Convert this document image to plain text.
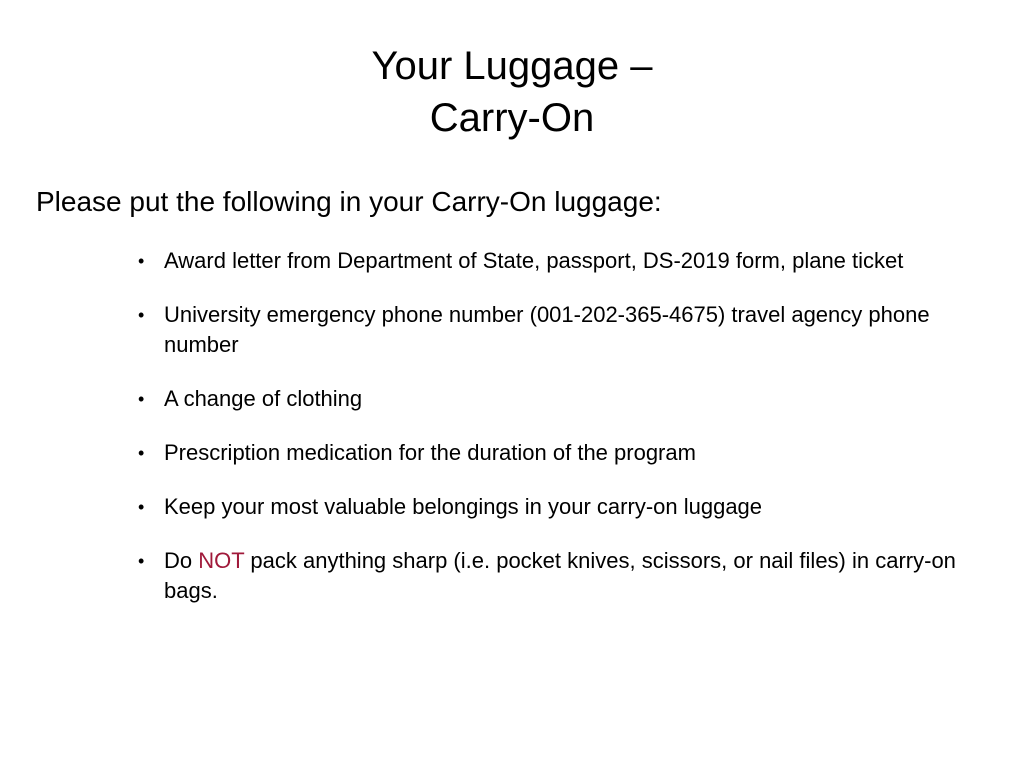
Your Luggage –
Carry-On

Please put the following in your Carry-On luggage:

• Award letter from Department of State, passport, DS-2019 form, plane ticket
• University emergency phone number (001-202-365-4675) travel agency phone number
• A change of clothing
• Prescription medication for the duration of the program
• Keep your most valuable belongings in your carry-on luggage
• Do NOT pack anything sharp (i.e. pocket knives, scissors, or nail files) in carry-on bags.
